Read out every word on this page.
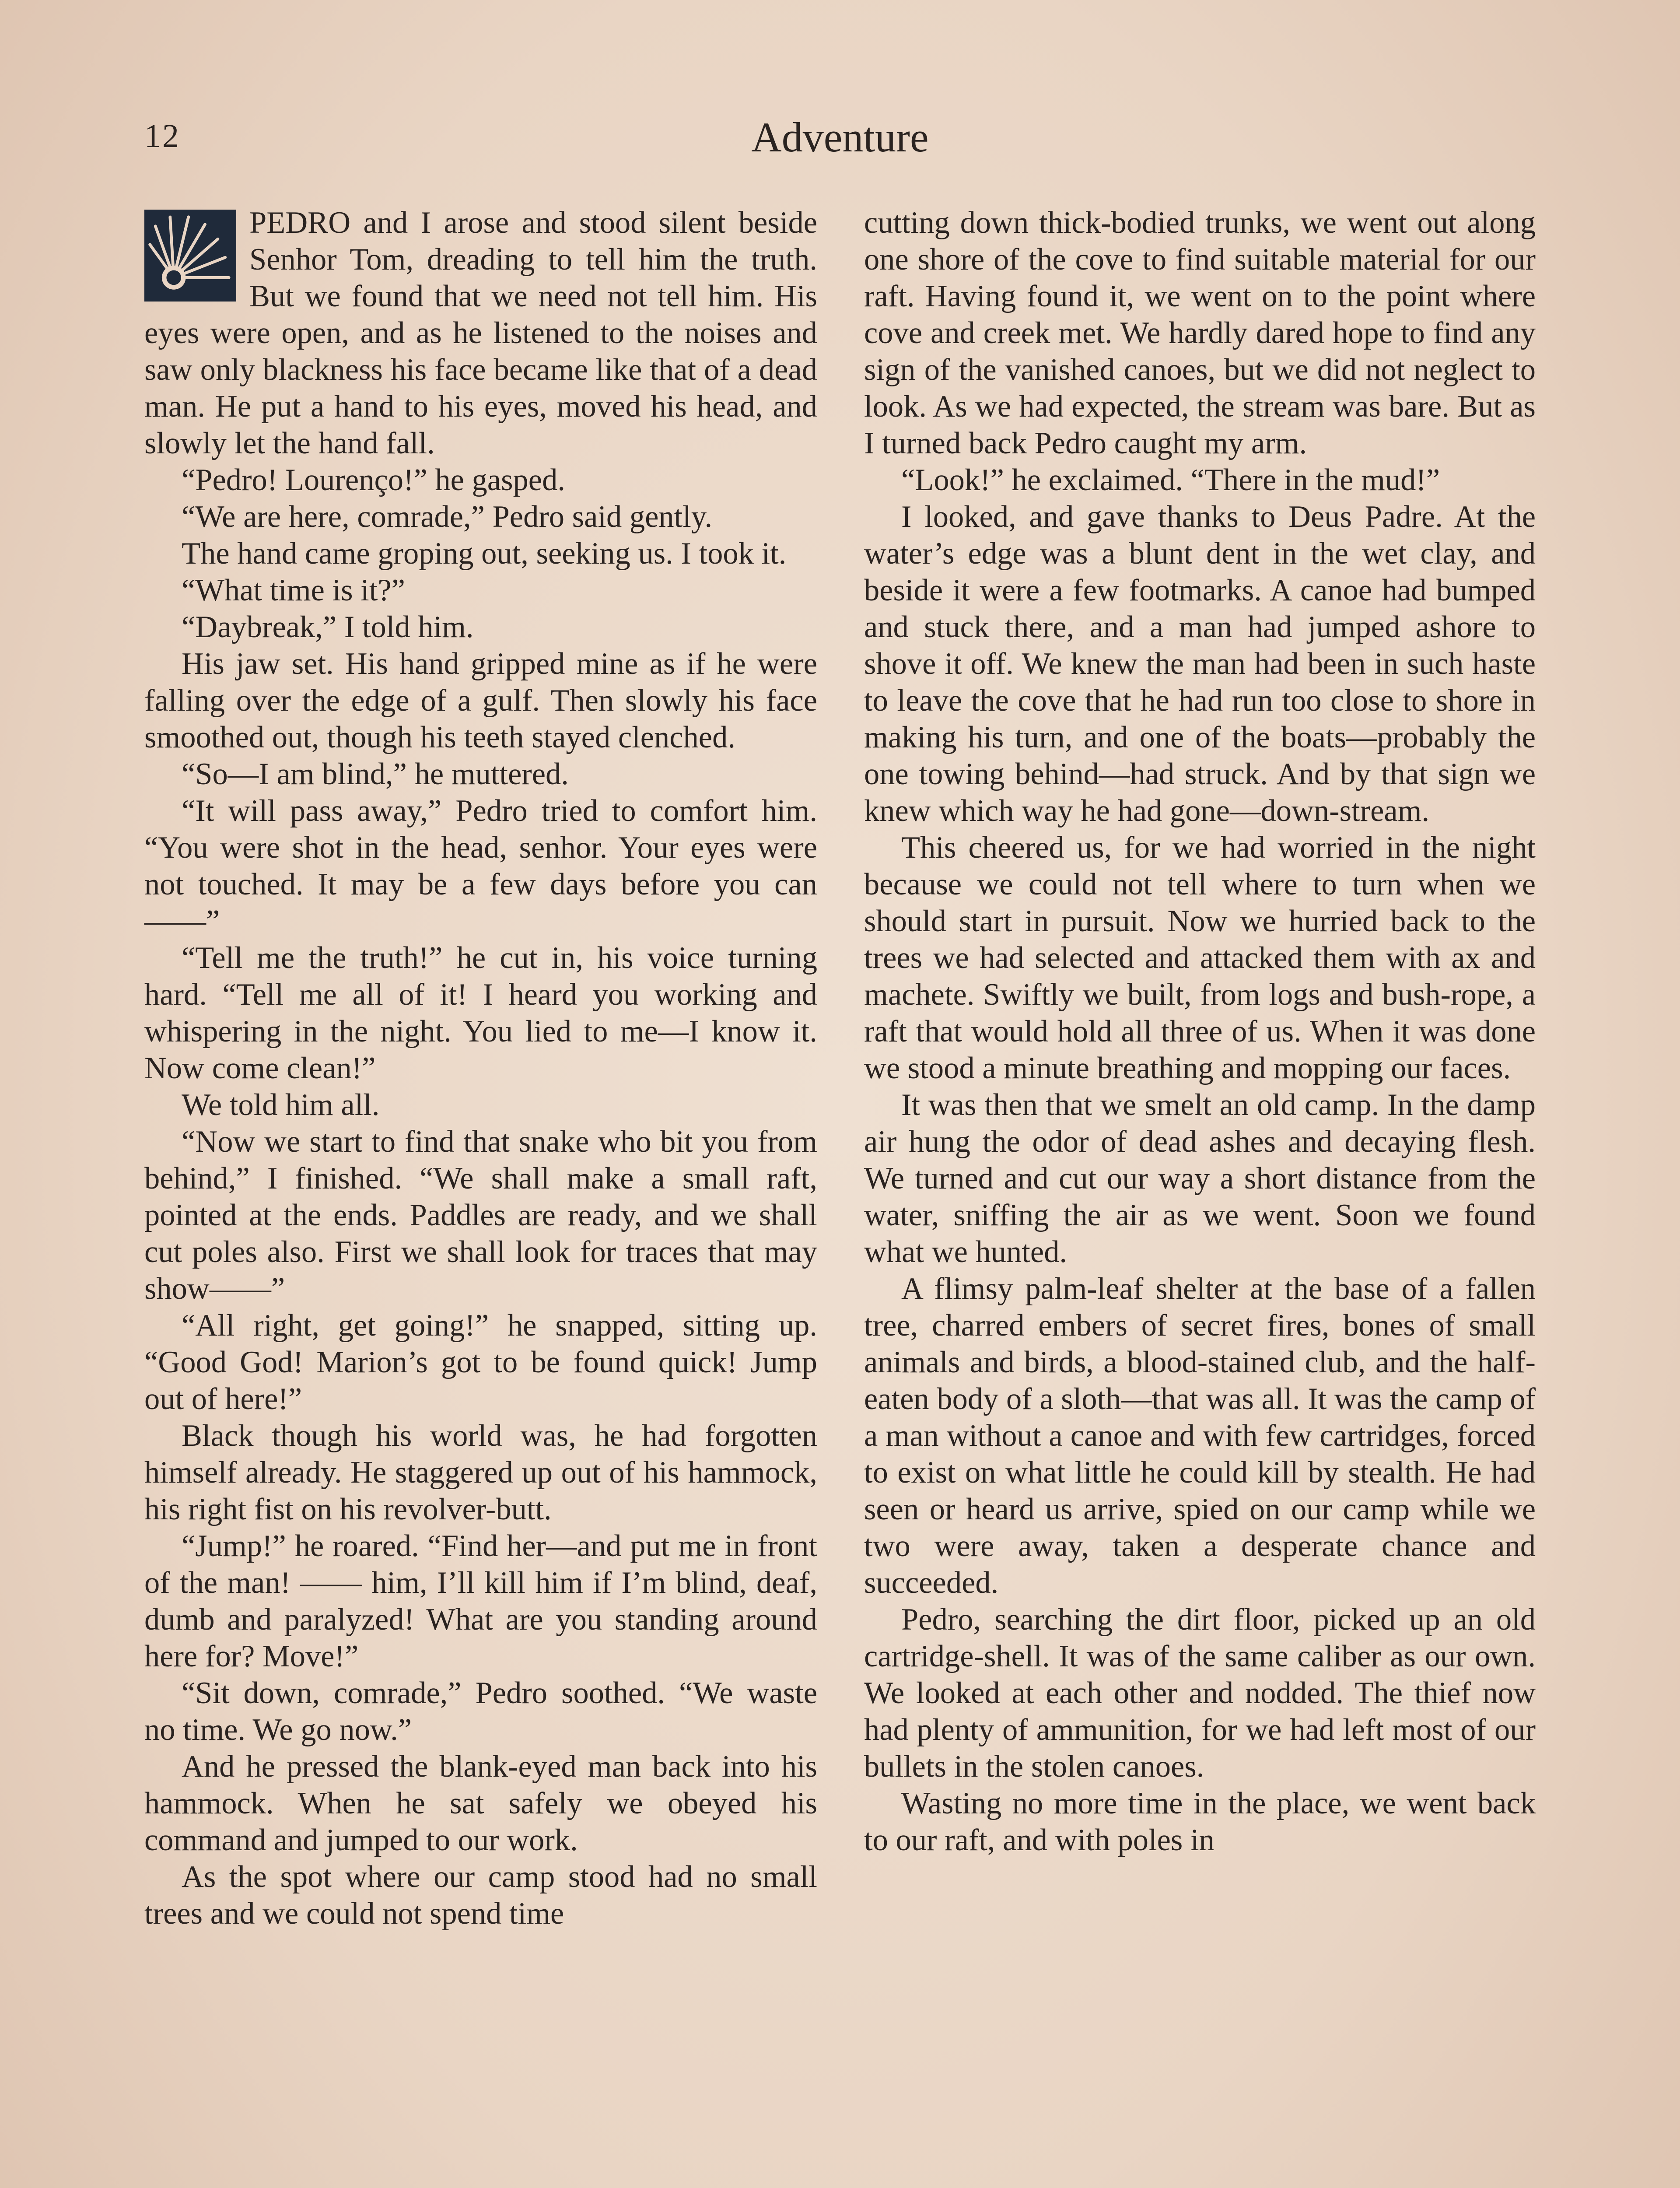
12	Adventure

PEDRO and I arose and stood silent beside Senhor Tom, dreading to tell him the truth. But we found that we need not tell him. His eyes were open, and as he listened to the noises and saw only blackness his face became like that of a dead man. He put a hand to his eyes, moved his head, and slowly let the hand fall.

“Pedro! Lourenço!” he gasped.

“We are here, comrade,” Pedro said gently.

The hand came groping out, seeking us. I took it.

“What time is it?”

“Daybreak,” I told him.

His jaw set. His hand gripped mine as if he were falling over the edge of a gulf. Then slowly his face smoothed out, though his teeth stayed clenched.

“So—I am blind,” he muttered.

“It will pass away,” Pedro tried to comfort him. “You were shot in the head, senhor. Your eyes were not touched. It may be a few days before you can——”

“Tell me the truth!” he cut in, his voice turning hard. “Tell me all of it! I heard you working and whispering in the night. You lied to me—I know it. Now come clean!”

We told him all.

“Now we start to find that snake who bit you from behind,” I finished. “We shall make a small raft, pointed at the ends. Paddles are ready, and we shall cut poles also. First we shall look for traces that may show——”

“All right, get going!” he snapped, sitting up. “Good God! Marion’s got to be found quick! Jump out of here!”

Black though his world was, he had forgotten himself already. He staggered up out of his hammock, his right fist on his revolver-butt.

“Jump!” he roared. “Find her—and put me in front of the man! —— him, I’ll kill him if I’m blind, deaf, dumb and paralyzed! What are you standing around here for? Move!”

“Sit down, comrade,” Pedro soothed. “We waste no time. We go now.”

And he pressed the blank-eyed man back into his hammock. When he sat safely we obeyed his command and jumped to our work.

As the spot where our camp stood had no small trees and we could not spend time

cutting down thick-bodied trunks, we went out along one shore of the cove to find suitable material for our raft. Having found it, we went on to the point where cove and creek met. We hardly dared hope to find any sign of the vanished canoes, but we did not neglect to look. As we had expected, the stream was bare. But as I turned back Pedro caught my arm.

“Look!” he exclaimed. “There in the mud!”

I looked, and gave thanks to Deus Padre. At the water’s edge was a blunt dent in the wet clay, and beside it were a few footmarks. A canoe had bumped and stuck there, and a man had jumped ashore to shove it off. We knew the man had been in such haste to leave the cove that he had run too close to shore in making his turn, and one of the boats—probably the one towing behind—had struck. And by that sign we knew which way he had gone—down-stream.

This cheered us, for we had worried in the night because we could not tell where to turn when we should start in pursuit. Now we hurried back to the trees we had selected and attacked them with ax and machete. Swiftly we built, from logs and bush-rope, a raft that would hold all three of us. When it was done we stood a minute breathing and mopping our faces.

It was then that we smelt an old camp. In the damp air hung the odor of dead ashes and decaying flesh. We turned and cut our way a short distance from the water, sniffing the air as we went. Soon we found what we hunted.

A flimsy palm-leaf shelter at the base of a fallen tree, charred embers of secret fires, bones of small animals and birds, a blood-stained club, and the half-eaten body of a sloth—that was all. It was the camp of a man without a canoe and with few cartridges, forced to exist on what little he could kill by stealth. He had seen or heard us arrive, spied on our camp while we two were away, taken a desperate chance and succeeded.

Pedro, searching the dirt floor, picked up an old cartridge-shell. It was of the same caliber as our own. We looked at each other and nodded. The thief now had plenty of ammunition, for we had left most of our bullets in the stolen canoes.

Wasting no more time in the place, we went back to our raft, and with poles in
